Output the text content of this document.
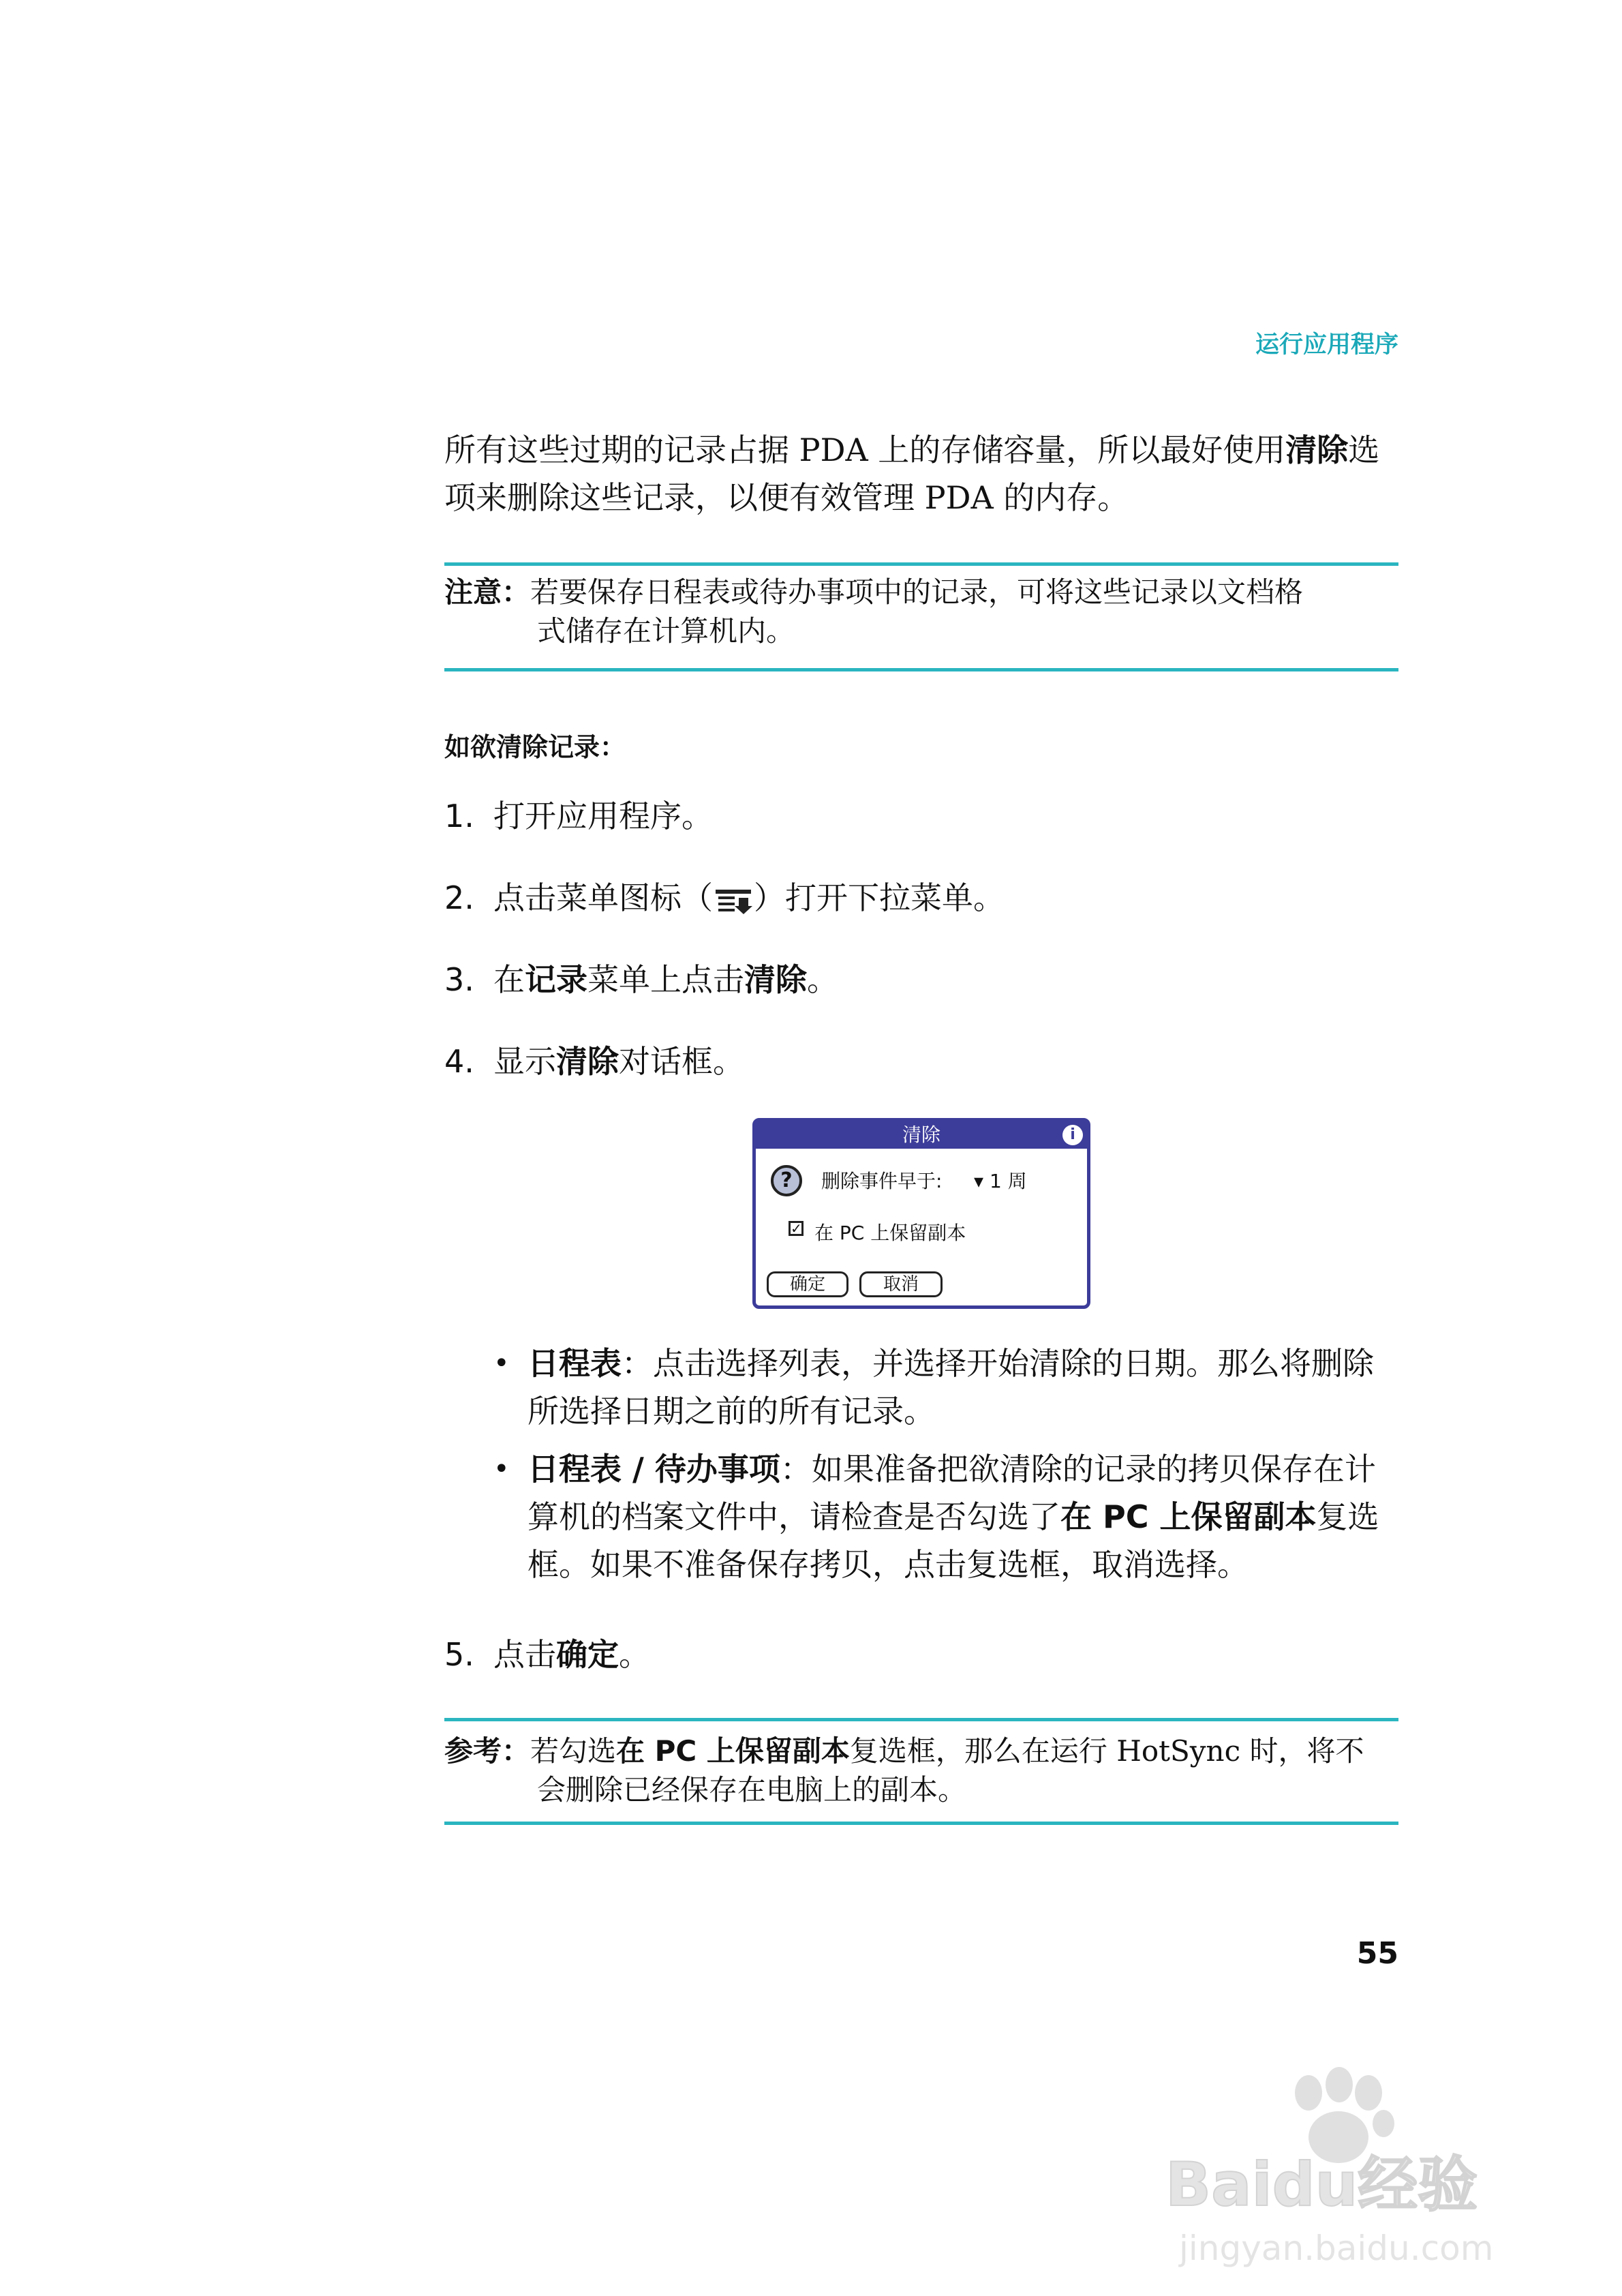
运行应用程序
所有这些过期的记录占据 PDA 上的存储容量，所以最好使用清除选项来删除这些记录，以便有效管理 PDA 的内存。
注意：若要保存日程表或待办事项中的记录，可将这些记录以文档格
式储存在计算机内。
如欲清除记录：
1. 打开应用程序。
2. 点击菜单图标（ ）打开下拉菜单。
3. 在记录菜单上点击清除。
4. 显示清除对话框。
清除	i
?	删除事件早于: ▾ 1 周
✓ 在 PC 上保留副本
确定	取消
• 日程表：点击选择列表，并选择开始清除的日期。那么将删除所选择日期之前的所有记录。
• 日程表 / 待办事项：如果准备把欲清除的记录的拷贝保存在计算机的档案文件中，请检查是否勾选了在 PC 上保留副本复选框。如果不准备保存拷贝，点击复选框，取消选择。
5. 点击确定。
参考：若勾选在 PC 上保留副本复选框，那么在运行 HotSync 时，将不
会删除已经保存在电脑上的副本。
55
Baidu经验
jingyan.baidu.com
